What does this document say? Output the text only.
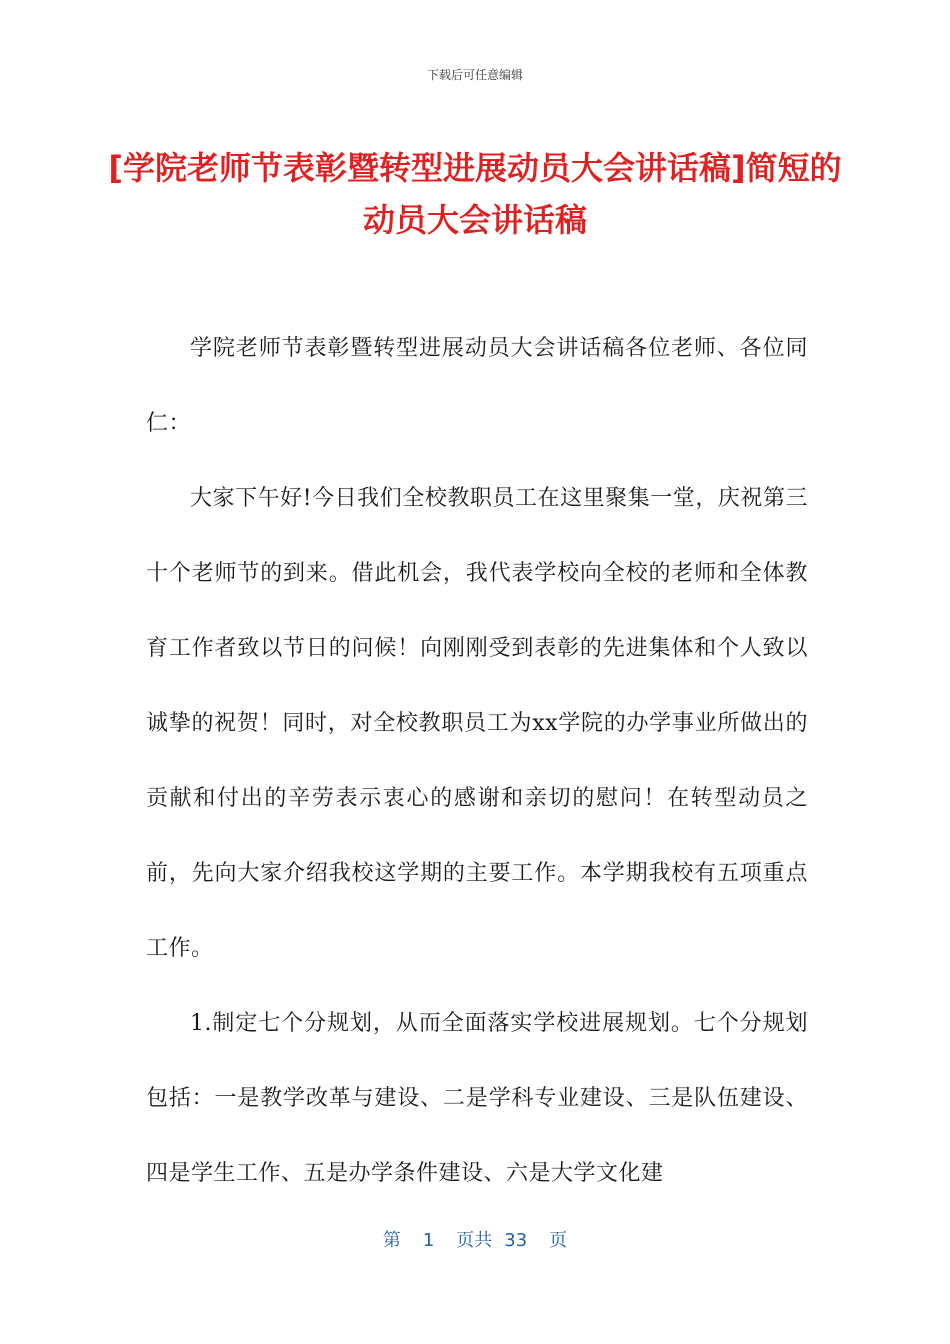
下载后可任意编辑
[学院老师节表彰暨转型进展动员大会讲话稿]简短的动员大会讲话稿

学院老师节表彰暨转型进展动员大会讲话稿各位老师、各位同仁：

大家下午好!今日我们全校教职员工在这里聚集一堂，庆祝第三十个老师节的到来。借此机会，我代表学校向全校的老师和全体教育工作者致以节日的问候！向刚刚受到表彰的先进集体和个人致以诚挚的祝贺！同时，对全校教职员工为xx学院的办学事业所做出的贡献和付出的辛劳表示衷心的感谢和亲切的慰问！在转型动员之前，先向大家介绍我校这学期的主要工作。本学期我校有五项重点工作。

1.制定七个分规划，从而全面落实学校进展规划。七个分规划包括：一是教学改革与建设、二是学科专业建设、三是队伍建设、四是学生工作、五是办学条件建设、六是大学文化建

第 1 页共 33 页
